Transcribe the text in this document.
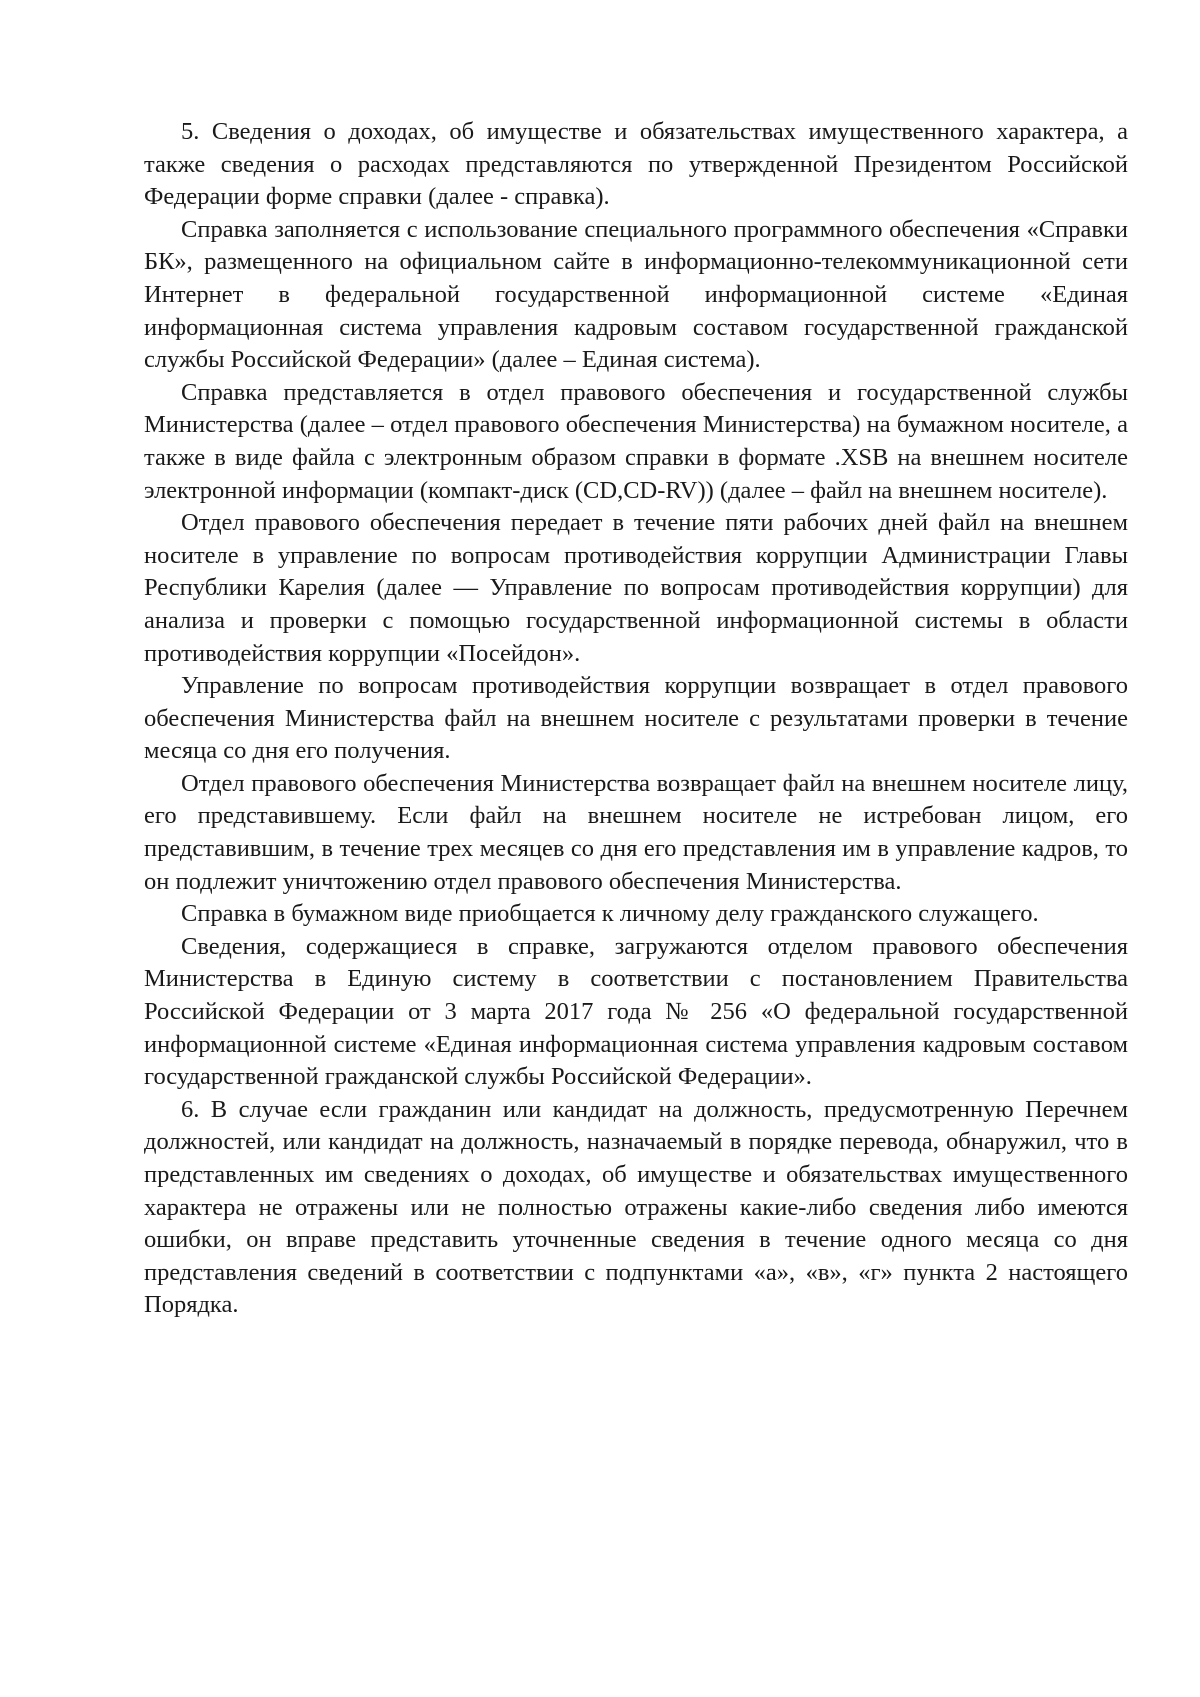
5. Сведения о доходах, об имуществе и обязательствах имущественного характера, а также сведения о расходах представляются по утвержденной Президентом Российской Федерации форме справки (далее - справка).

Справка заполняется с использование специального программного обеспечения «Справки БК», размещенного на официальном сайте в информационно-телекоммуникационной сети Интернет в федеральной государственной информационной системе «Единая информационная система управления кадровым составом государственной гражданской службы Российской Федерации» (далее – Единая система).

Справка представляется в отдел правового обеспечения и государственной службы Министерства (далее – отдел правового обеспечения Министерства) на бумажном носителе, а также в виде файла с электронным образом справки в формате .XSB на внешнем носителе электронной информации (компакт-диск (CD,CD-RV)) (далее – файл на внешнем носителе).

Отдел правового обеспечения передает в течение пяти рабочих дней файл на внешнем носителе в управление по вопросам противодействия коррупции Администрации Главы Республики Карелия (далее — Управление по вопросам противодействия коррупции) для анализа и проверки с помощью государственной информационной системы в области противодействия коррупции «Посейдон».

Управление по вопросам противодействия коррупции возвращает в отдел правового обеспечения Министерства файл на внешнем носителе с результатами проверки в течение месяца со дня его получения.

Отдел правового обеспечения Министерства возвращает файл на внешнем носителе лицу, его представившему. Если файл на внешнем носителе не истребован лицом, его представившим, в течение трех месяцев со дня его представления им в управление кадров, то он подлежит уничтожению отдел правового обеспечения Министерства.

Справка в бумажном виде приобщается к личному делу гражданского служащего.

Сведения, содержащиеся в справке, загружаются отделом правового обеспечения Министерства в Единую систему в соответствии с постановлением Правительства Российской Федерации от 3 марта 2017 года № 256 «О федеральной государственной информационной системе «Единая информационная система управления кадровым составом государственной гражданской службы Российской Федерации».

6. В случае если гражданин или кандидат на должность, предусмотренную Перечнем должностей, или кандидат на должность, назначаемый в порядке перевода, обнаружил, что в представленных им сведениях о доходах, об имуществе и обязательствах имущественного характера не отражены или не полностью отражены какие-либо сведения либо имеются ошибки, он вправе представить уточненные сведения в течение одного месяца со дня представления сведений в соответствии с подпунктами «а», «в», «г» пункта 2 настоящего Порядка.
